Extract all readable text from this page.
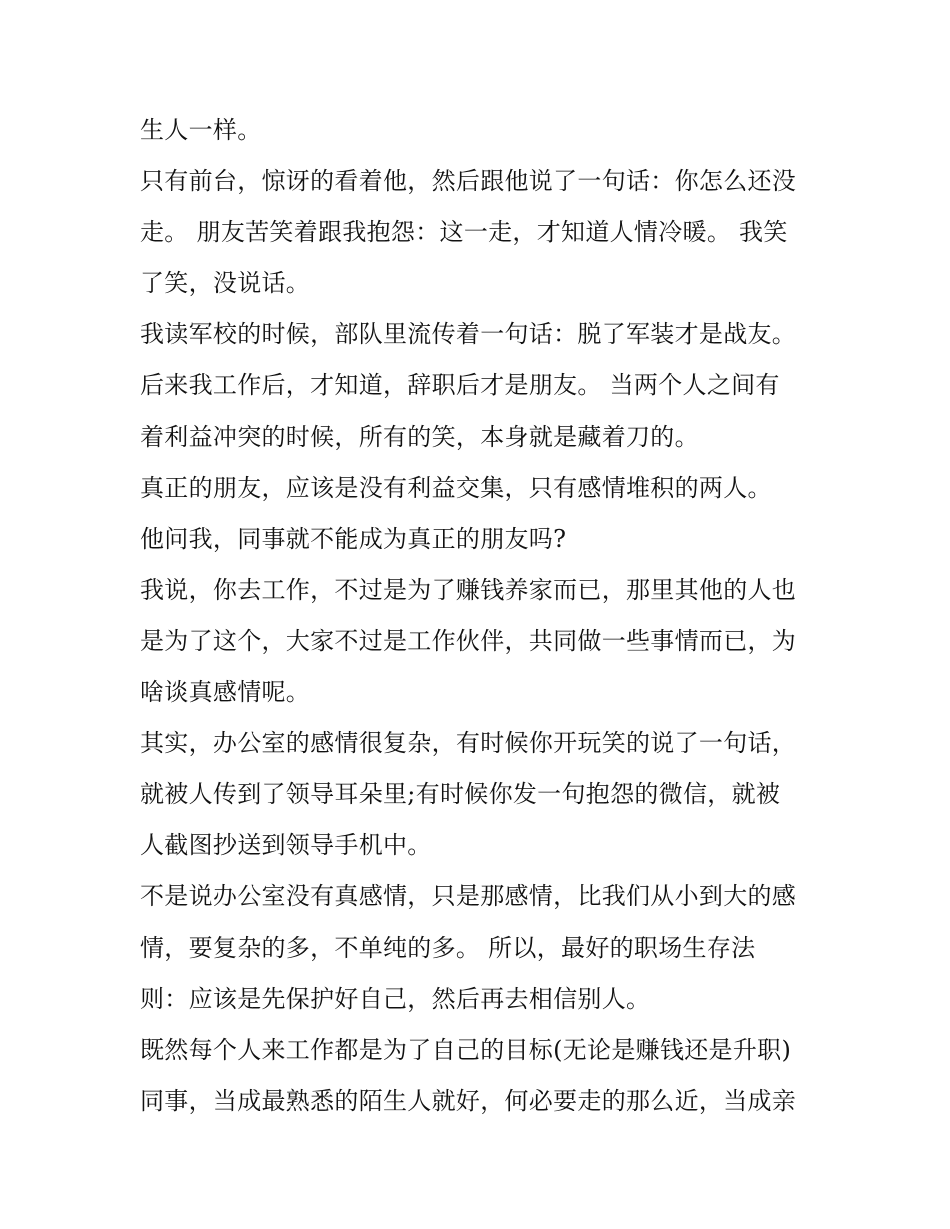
生人一样。
只有前台，惊讶的看着他，然后跟他说了一句话：你怎么还没
走。 朋友苦笑着跟我抱怨：这一走，才知道人情冷暖。 我笑
了笑，没说话。
我读军校的时候，部队里流传着一句话：脱了军装才是战友。
后来我工作后，才知道，辞职后才是朋友。 当两个人之间有
着利益冲突的时候，所有的笑，本身就是藏着刀的。
真正的朋友，应该是没有利益交集，只有感情堆积的两人。
他问我，同事就不能成为真正的朋友吗?
我说，你去工作，不过是为了赚钱养家而已，那里其他的人也
是为了这个，大家不过是工作伙伴，共同做一些事情而已，为
啥谈真感情呢。
其实，办公室的感情很复杂，有时候你开玩笑的说了一句话，
就被人传到了领导耳朵里;有时候你发一句抱怨的微信，就被
人截图抄送到领导手机中。
不是说办公室没有真感情，只是那感情，比我们从小到大的感
情，要复杂的多，不单纯的多。 所以，最好的职场生存法
则：应该是先保护好自己，然后再去相信别人。
既然每个人来工作都是为了自己的目标(无论是赚钱还是升职)
同事，当成最熟悉的陌生人就好，何必要走的那么近，当成亲
